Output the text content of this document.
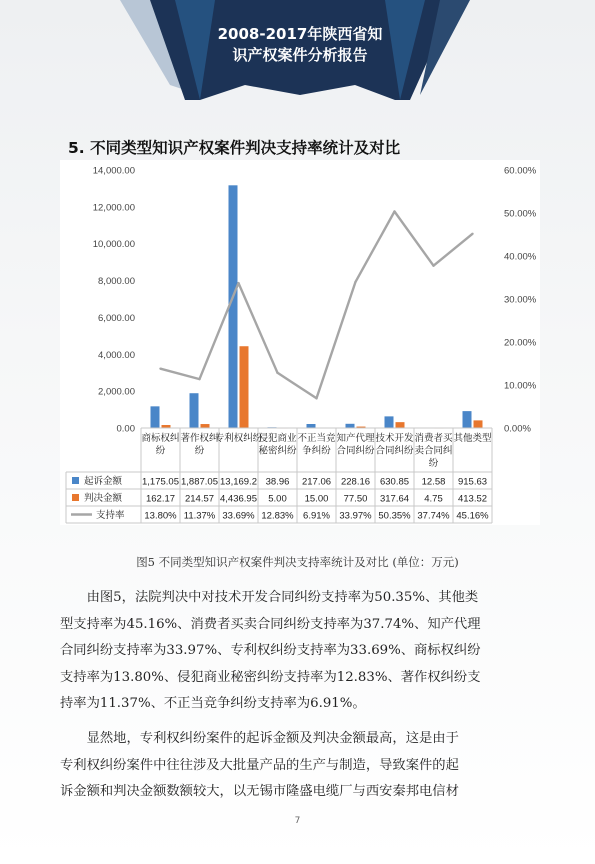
2008-2017年陕西省知
识产权案件分析报告
5. 不同类型知识产权案件判决支持率统计及对比
0.00
2,000.00
4,000.00
6,000.00
8,000.00
10,000.00
12,000.00
14,000.00
0.00%
10.00%
20.00%
30.00%
40.00%
50.00%
60.00%
商标权纠
纷
著作权纠
纷
专利权纠纷
侵犯商业
秘密纠纷
不正当竞
争纠纷
知产代理
合同纠纷
技术开发
合同纠纷
消费者买
卖合同纠
纷
其他类型
起诉金额 1,175.05 1,887.05 13,169.2 38.96 217.06 228.16 630.85 12.58 915.63
判决金额	162.17 214.57 4,436.95 5.00 15.00 77.50 317.64 4.75 413.52
支持率 13.80% 11.37% 33.69% 12.83% 6.91% 33.97% 50.35% 37.74% 45.16%
图5 不同类型知识产权案件判决支持率统计及对比 (单位：万元)
　　由图5，法院判决中对技术开发合同纠纷支持率为50.35%、其他类
型支持率为45.16%、消费者买卖合同纠纷支持率为37.74%、知产代理
合同纠纷支持率为33.97%、专利权纠纷支持率为33.69%、商标权纠纷
支持率为13.80%、侵犯商业秘密纠纷支持率为12.83%、著作权纠纷支
持率为11.37%、不正当竞争纠纷支持率为6.91%。
　　显然地，专利权纠纷案件的起诉金额及判决金额最高，这是由于
专利权纠纷案件中往往涉及大批量产品的生产与制造，导致案件的起
诉金额和判决金额数额较大，以无锡市隆盛电缆厂与西安秦邦电信材
7
